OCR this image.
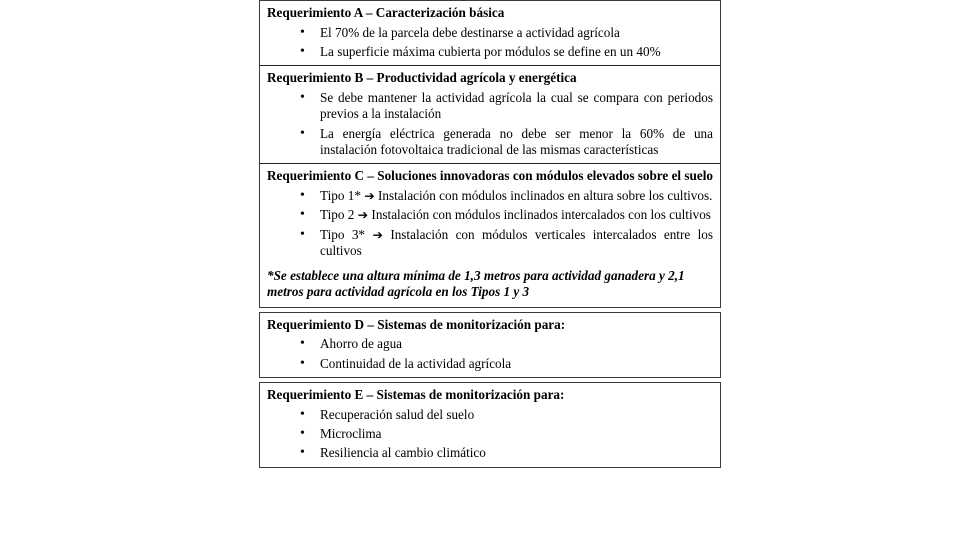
Requerimiento A – Caracterización básica

• El 70% de la parcela debe destinarse a actividad agrícola
• La superficie máxima cubierta por módulos se define en un 40%

Requerimiento B – Productividad agrícola y energética

• Se debe mantener la actividad agrícola la cual se compara con periodos previos a la instalación
• La energía eléctrica generada no debe ser menor la 60% de una instalación fotovoltaica tradicional de las mismas características

Requerimiento C – Soluciones innovadoras con módulos elevados sobre el suelo

• Tipo 1* ➔ Instalación con módulos inclinados en altura sobre los cultivos.
• Tipo 2 ➔ Instalación con módulos inclinados intercalados con los cultivos
• Tipo 3* ➔ Instalación con módulos verticales intercalados entre los cultivos

*Se establece una altura mínima de 1,3 metros para actividad ganadera y 2,1 metros para actividad agrícola en los Tipos 1 y 3

Requerimiento D – Sistemas de monitorización para:

• Ahorro de agua
• Continuidad de la actividad agrícola

Requerimiento E – Sistemas de monitorización para:

• Recuperación salud del suelo
• Microclima
• Resiliencia al cambio climático
